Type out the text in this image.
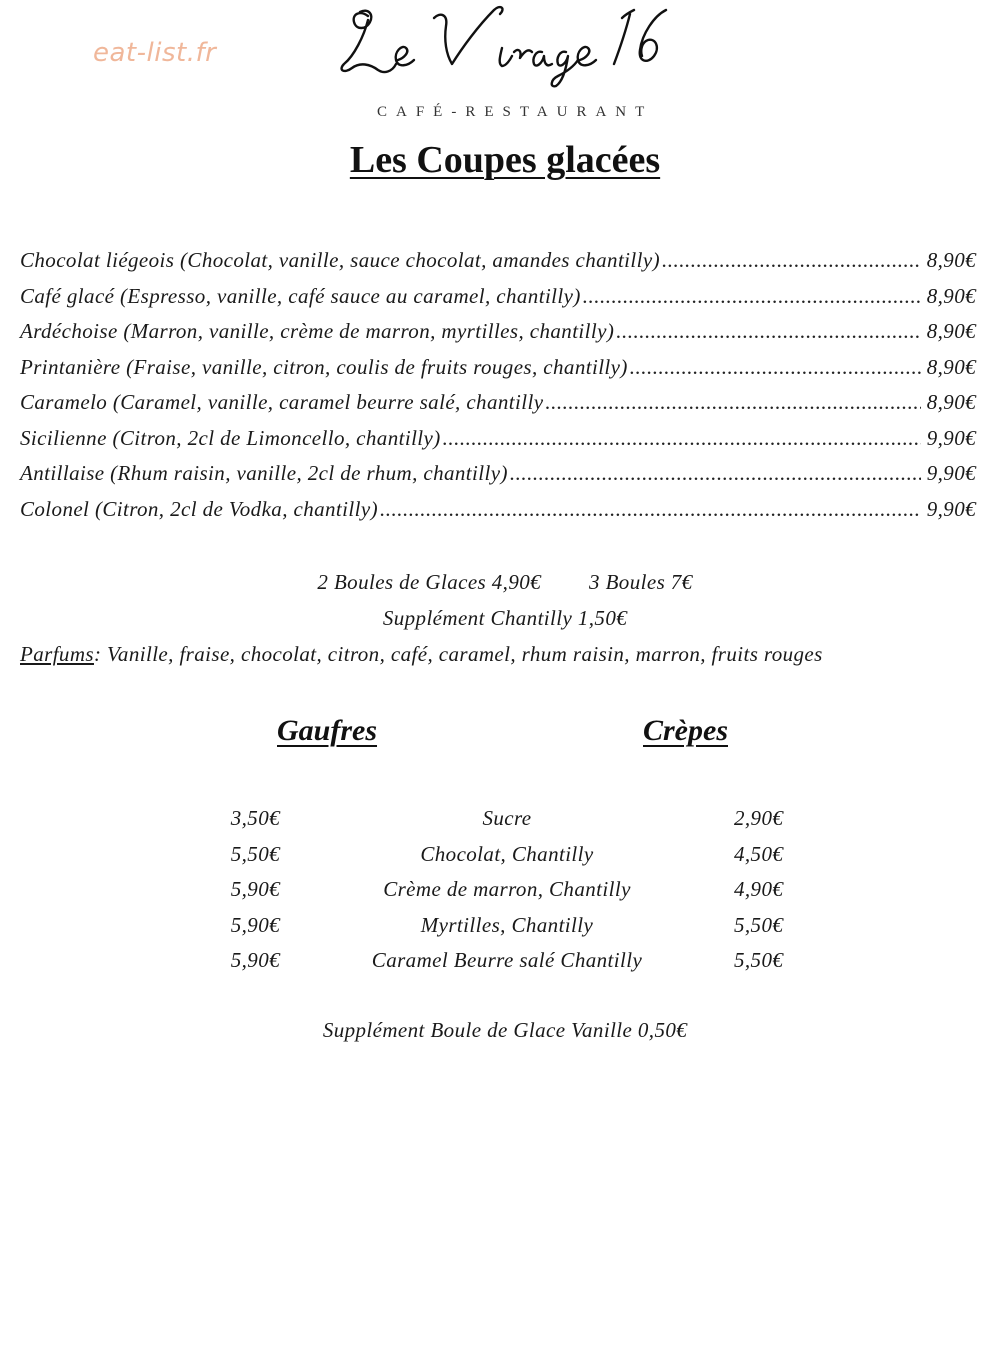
eat-list.fr
CAFÉ-RESTAURANT
Les Coupes glacées
Chocolat liégeois (Chocolat, vanille, sauce chocolat, amandes chantilly) .....	8,90€
Café glacé (Espresso, vanille, café sauce au caramel, chantilly) .....	8,90€
Ardéchoise (Marron, vanille, crème de marron, myrtilles, chantilly) .....	8,90€
Printanière (Fraise, vanille, citron, coulis de fruits rouges, chantilly) .....	8,90€
Caramelo (Caramel, vanille, caramel beurre salé, chantilly .....	8,90€
Sicilienne (Citron, 2cl de Limoncello, chantilly) .....	9,90€
Antillaise (Rhum raisin, vanille, 2cl de rhum, chantilly) .....	9,90€
Colonel (Citron, 2cl de Vodka, chantilly) .....	9,90€
2 Boules de Glaces 4,90€ 3 Boules 7€
Supplément Chantilly 1,50€
Parfums: Vanille, fraise, chocolat, citron, café, caramel, rhum raisin, marron, fruits rouges
Gaufres	Crèpes
3,50€	Sucre	2,90€
5,50€	Chocolat, Chantilly	4,50€
5,90€	Crème de marron, Chantilly	4,90€
5,90€	Myrtilles, Chantilly	5,50€
5,90€	Caramel Beurre salé Chantilly	5,50€
Supplément Boule de Glace Vanille 0,50€
